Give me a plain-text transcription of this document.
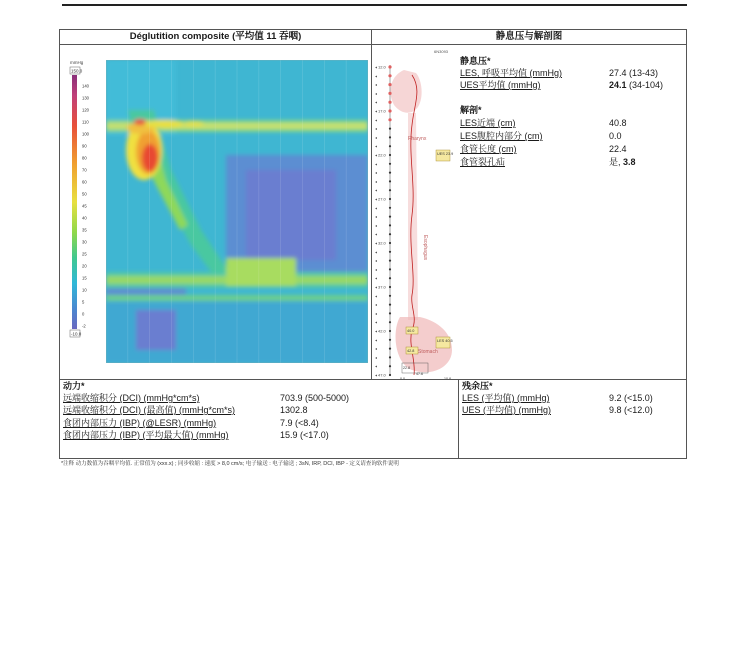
Déglutition composite (平均值 11 吞咽)	静息压与解剖图
mmHg
150.0
-10.0
140
130
120
110
100
90
80
70
60
50
45
40
35
30
25
20
15
10
5
0
-2
6N3093
◂
◂
◂
◂
◂
◂
◂
◂
◂
◂
◂
◂
◂
◂
◂
◂
◂
◂
◂
◂
◂
◂
◂
◂
◂
◂
◂
◂
◂
◂
◂
◂
◂
◂
◂
◂
12.0
17.0
22.0
27.0
32.0
37.0
42.0
47.0
Pharynx
Esophagus
Stomach
UES 23.9
40.0
LES 40.5
42.8
22.8
47.6
0.0	10.8
静息压*
LES, 呼吸平均值 (mmHg)	27.4 (13-43)
UES平均值 (mmHg)	24.1 (34-104)
解剖*
LES近端 (cm)	40.8
LES腹腔内部分 (cm)	0.0
食管长度 (cm)	22.4
食管裂孔疝	是, 3.8
动力*
远端收缩积分 (DCI) (mmHg*cm*s)	703.9 (500-5000)
远端收缩积分 (DCI) (最高值) (mmHg*cm*s)	1302.8
食团内部压力 (IBP) (@LESR) (mmHg)	7.9 (<8.4)
食团内部压力 (IBP) (平均最大值) (mmHg)	15.9 (<17.0)
残余压*
LES (平均值) (mmHg)	9.2 (<15.0)
UES (平均值) (mmHg)	9.8 (<12.0)
*注释 动力数值为吞咽平均值. 正常值为 (xxx.x) ; 同步收缩 : 速度 > 8,0 cm/s; 电子输送 : 电子输送 ; 3sN, IRP, DCI, IBP - 定义请查询软件说明
